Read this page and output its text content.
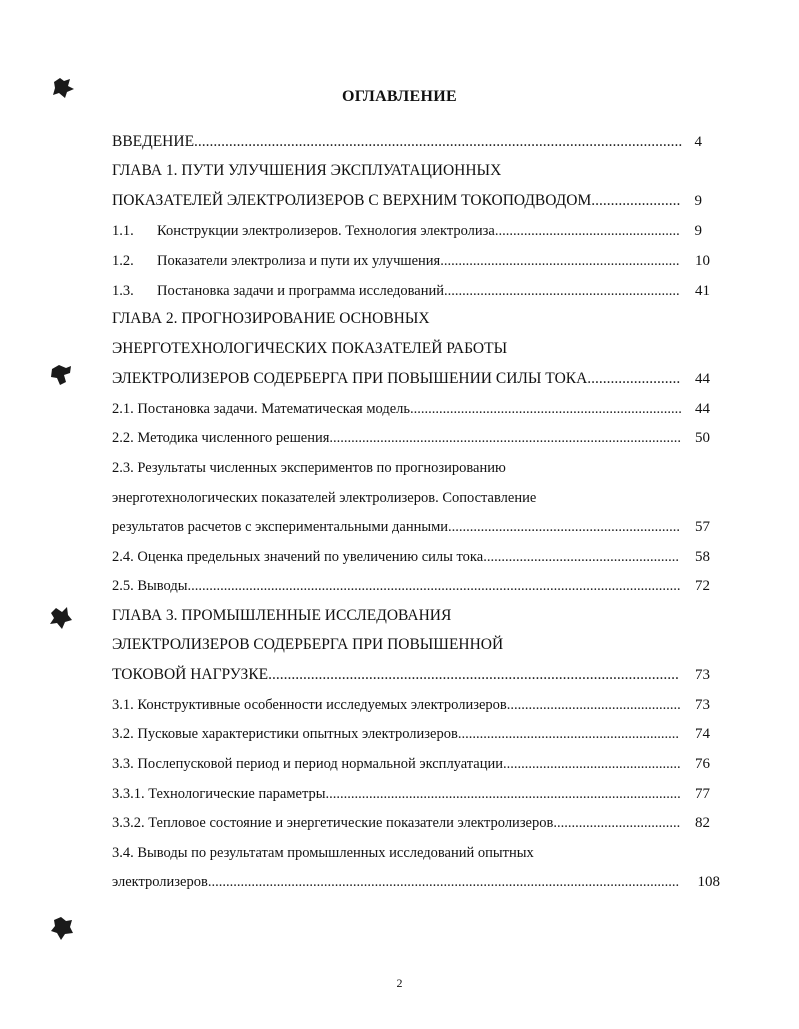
ОГЛАВЛЕНИЕ
ВВЕДЕНИЕ.............................................................................................................................. 4
ГЛАВА 1. ПУТИ УЛУЧШЕНИЯ ЭКСПЛУАТАЦИОННЫХ
ПОКАЗАТЕЛЕЙ ЭЛЕКТРОЛИЗЕРОВ С ВЕРХНИМ ТОКОПОДВОДОМ....................... 9
1.1. Конструкции электролизеров. Технология электролиза................................................... 9
1.2. Показатели электролиза и пути их улучшения..................................................................	10
1.3. Постановка задачи и программа исследований.................................................................	41
ГЛАВА 2. ПРОГНОЗИРОВАНИЕ ОСНОВНЫХ
ЭНЕРГОТЕХНОЛОГИЧЕСКИХ ПОКАЗАТЕЛЕЙ РАБОТЫ
ЭЛЕКТРОЛИЗЕРОВ СОДЕРБЕРГА ПРИ ПОВЫШЕНИИ СИЛЫ ТОКА........................ 44
2.1. Постановка задачи. Математическая модель........................................................................... 44
2.2. Методика численного решения................................................................................................. 50
2.3. Результаты численных экспериментов по прогнозированию
энерготехнологических показателей электролизеров. Сопоставление
результатов расчетов с экспериментальными данными................................................................ 57
2.4. Оценка предельных значений по увеличению силы тока......................................................	58
2.5. Выводы........................................................................................................................................ 72
ГЛАВА 3. ПРОМЫШЛЕННЫЕ ИССЛЕДОВАНИЯ
ЭЛЕКТРОЛИЗЕРОВ СОДЕРБЕРГА ПРИ ПОВЫШЕННОЙ
ТОКОВОЙ НАГРУЗКЕ..........................................................................................................	73
3.1. Конструктивные особенности исследуемых электролизеров................................................ 73
3.2. Пусковые характеристики опытных электролизеров.............................................................	74
3.3. Послепусковой период и период нормальной эксплуатации................................................. 76
3.3.1. Технологические параметры.................................................................................................. 77
3.3.2. Тепловое состояние и энергетические показатели электролизеров................................... 82
3.4. Выводы по результатам промышленных исследований опытных
электролизеров..................................................................................................................................	108
2
